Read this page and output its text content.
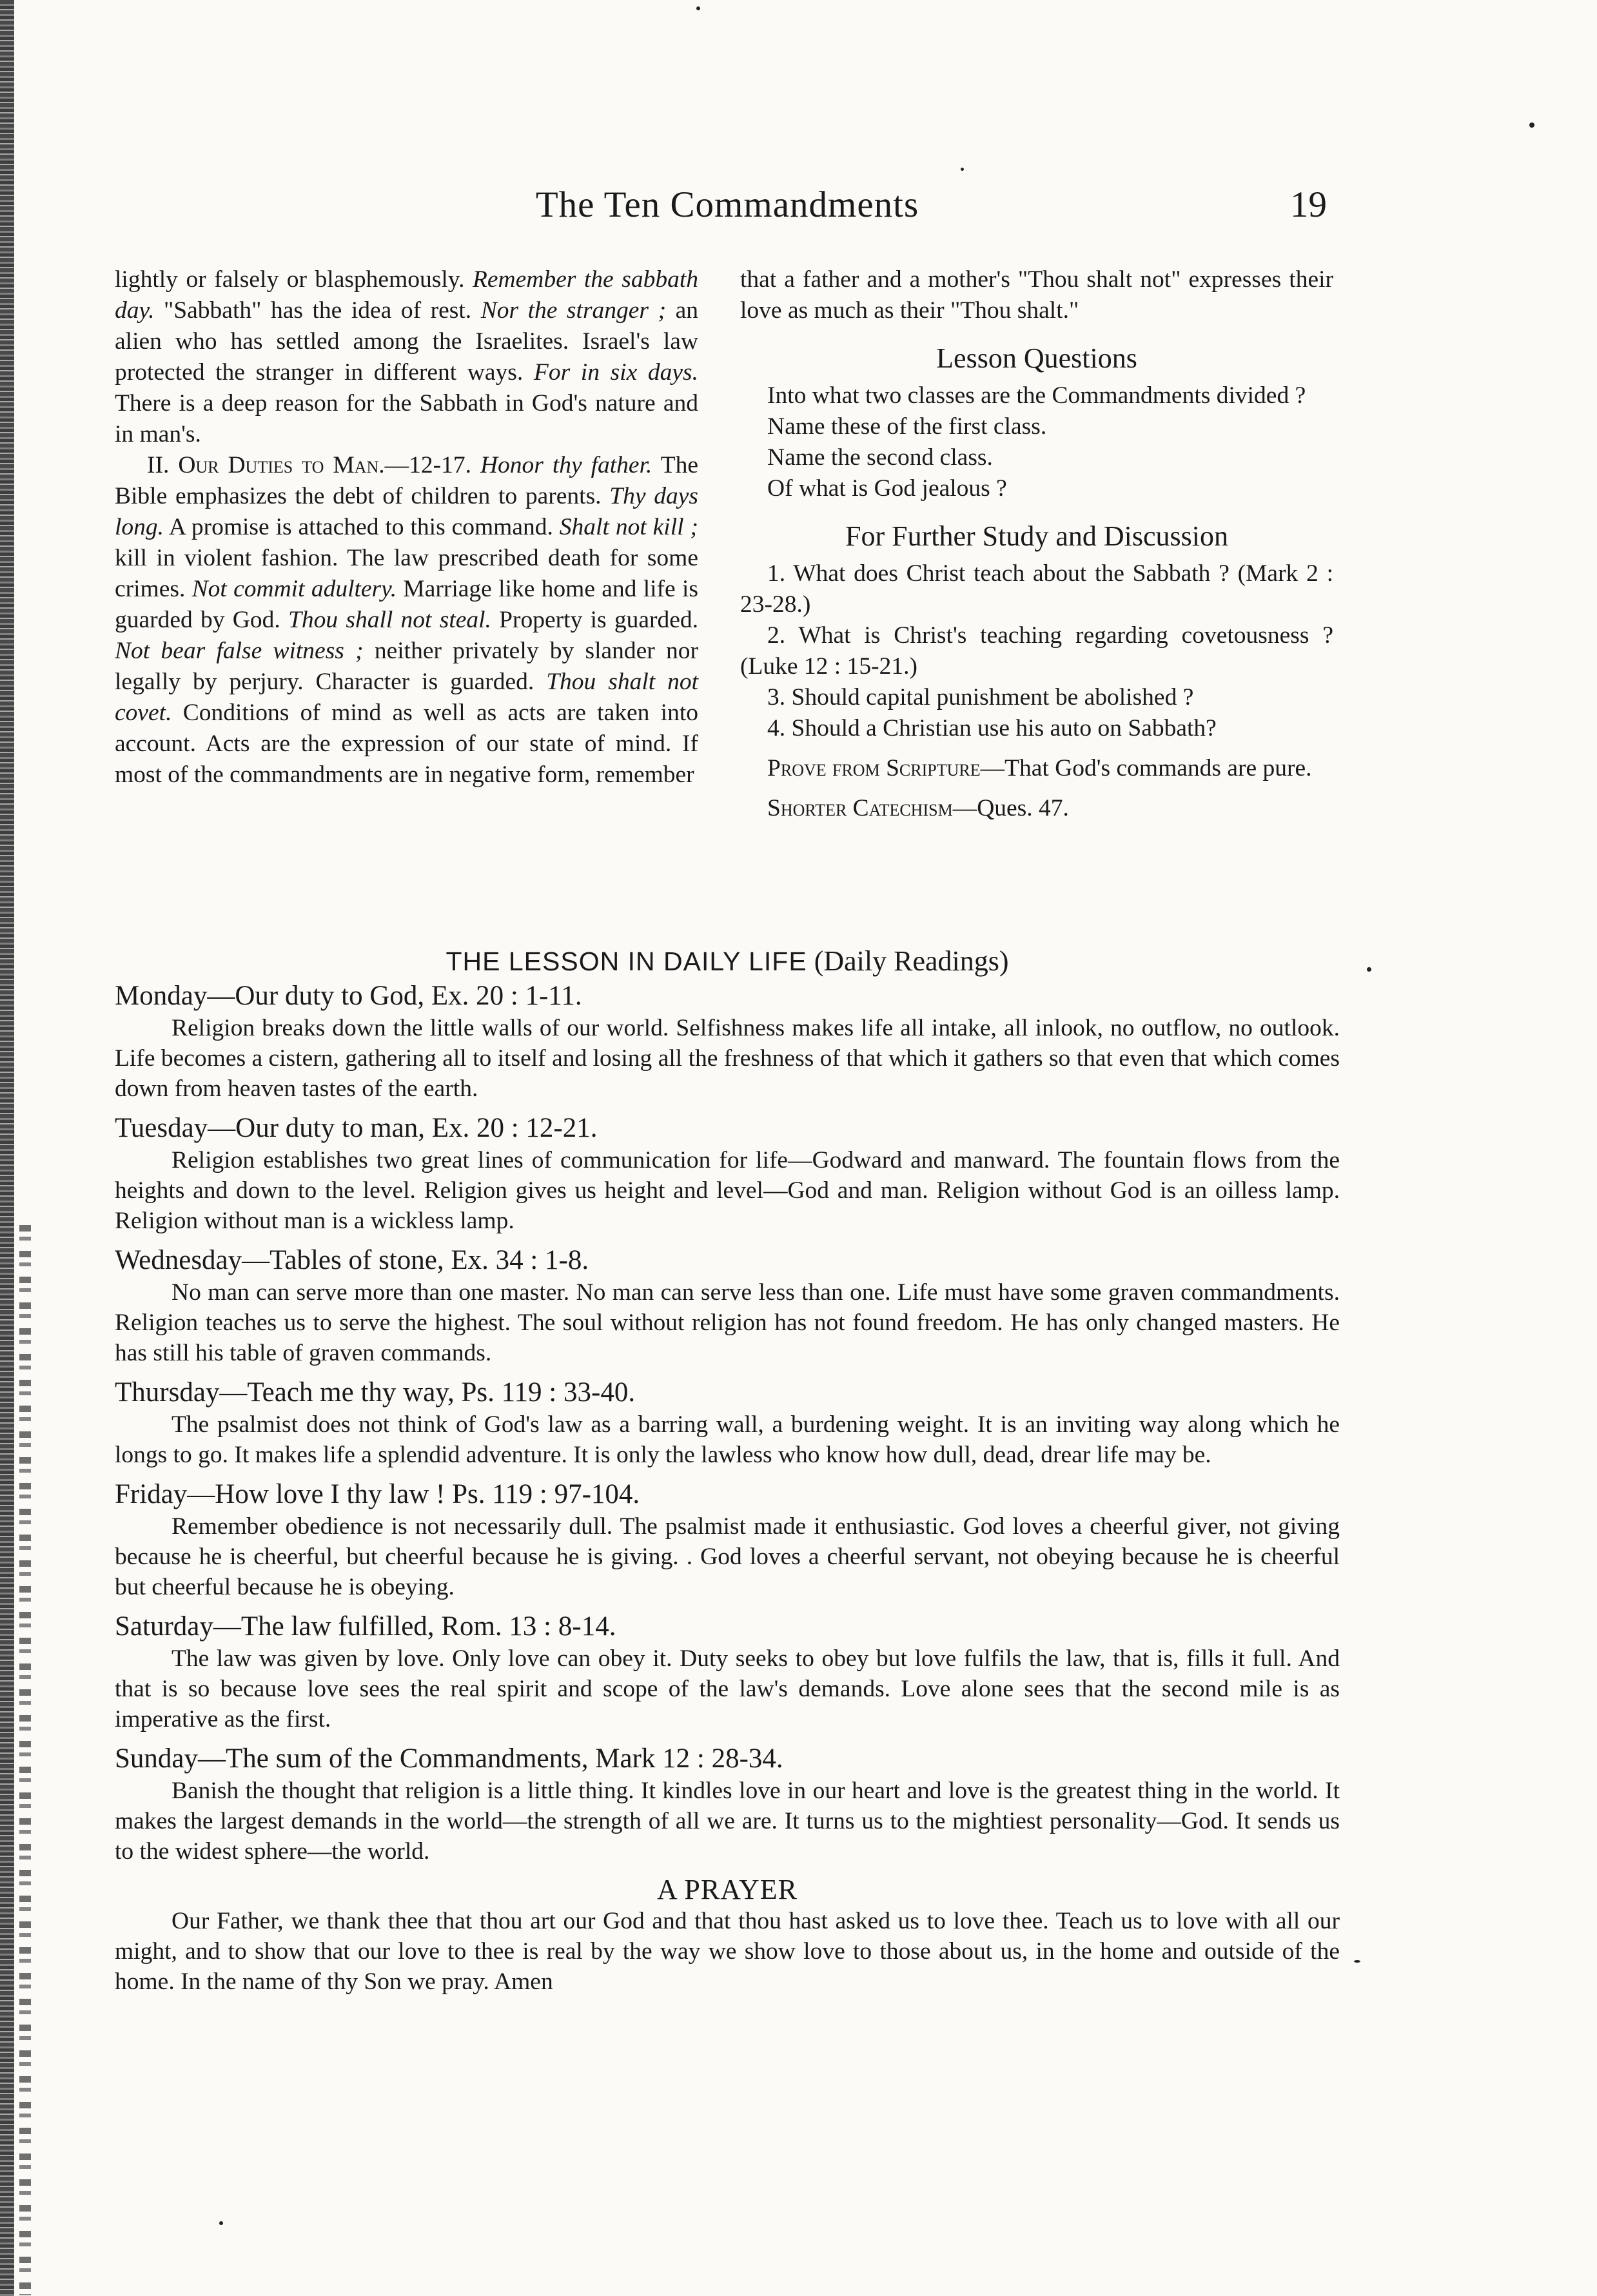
The Ten Commandments	19

lightly or falsely or blasphemously. Remember the sabbath day. "Sabbath" has the idea of rest. Nor the stranger ; an alien who has settled among the Israelites. Israel's law protected the stranger in different ways. For in six days. There is a deep reason for the Sabbath in God's nature and in man's.

II. Our Duties to Man.—12-17. Honor thy father. The Bible emphasizes the debt of children to parents. Thy days long. A promise is attached to this command. Shalt not kill ; kill in violent fashion. The law prescribed death for some crimes. Not commit adultery. Marriage like home and life is guarded by God. Thou shall not steal. Property is guarded. Not bear false witness ; neither privately by slander nor legally by perjury. Character is guarded. Thou shalt not covet. Conditions of mind as well as acts are taken into account. Acts are the expression of our state of mind. If most of the commandments are in negative form, remember

that a father and a mother's "Thou shalt not" expresses their love as much as their "Thou shalt."

Lesson Questions

Into what two classes are the Commandments divided ?

Name these of the first class.

Name the second class.

Of what is God jealous ?

For Further Study and Discussion

1. What does Christ teach about the Sabbath ? (Mark 2 : 23-28.)

2. What is Christ's teaching regarding covetousness ? (Luke 12 : 15-21.)

3. Should capital punishment be abolished ?

4. Should a Christian use his auto on Sabbath?

Prove from Scripture—That God's commands are pure.

Shorter Catechism—Ques. 47.

THE LESSON IN DAILY LIFE (Daily Readings)
Monday—Our duty to God, Ex. 20 : 1-11.

Religion breaks down the little walls of our world. Selfishness makes life all intake, all inlook, no outflow, no outlook. Life becomes a cistern, gathering all to itself and losing all the freshness of that which it gathers so that even that which comes down from heaven tastes of the earth.

Tuesday—Our duty to man, Ex. 20 : 12-21.

Religion establishes two great lines of communication for life—Godward and manward. The fountain flows from the heights and down to the level. Religion gives us height and level—God and man. Religion without God is an oilless lamp. Religion without man is a wickless lamp.

Wednesday—Tables of stone, Ex. 34 : 1-8.

No man can serve more than one master. No man can serve less than one. Life must have some graven commandments. Religion teaches us to serve the highest. The soul without religion has not found freedom. He has only changed masters. He has still his table of graven commands.

Thursday—Teach me thy way, Ps. 119 : 33-40.

The psalmist does not think of God's law as a barring wall, a burdening weight. It is an inviting way along which he longs to go. It makes life a splendid adventure. It is only the lawless who know how dull, dead, drear life may be.

Friday—How love I thy law ! Ps. 119 : 97-104.

Remember obedience is not necessarily dull. The psalmist made it enthusiastic. God loves a cheerful giver, not giving because he is cheerful, but cheerful because he is giving. . God loves a cheerful servant, not obeying because he is cheerful but cheerful because he is obeying.

Saturday—The law fulfilled, Rom. 13 : 8-14.

The law was given by love. Only love can obey it. Duty seeks to obey but love fulfils the law, that is, fills it full. And that is so because love sees the real spirit and scope of the law's demands. Love alone sees that the second mile is as imperative as the first.

Sunday—The sum of the Commandments, Mark 12 : 28-34.

Banish the thought that religion is a little thing. It kindles love in our heart and love is the greatest thing in the world. It makes the largest demands in the world—the strength of all we are. It turns us to the mightiest personality—God. It sends us to the widest sphere—the world.

A PRAYER

Our Father, we thank thee that thou art our God and that thou hast asked us to love thee. Teach us to love with all our might, and to show that our love to thee is real by the way we show love to those about us, in the home and outside of the home. In the name of thy Son we pray. Amen
